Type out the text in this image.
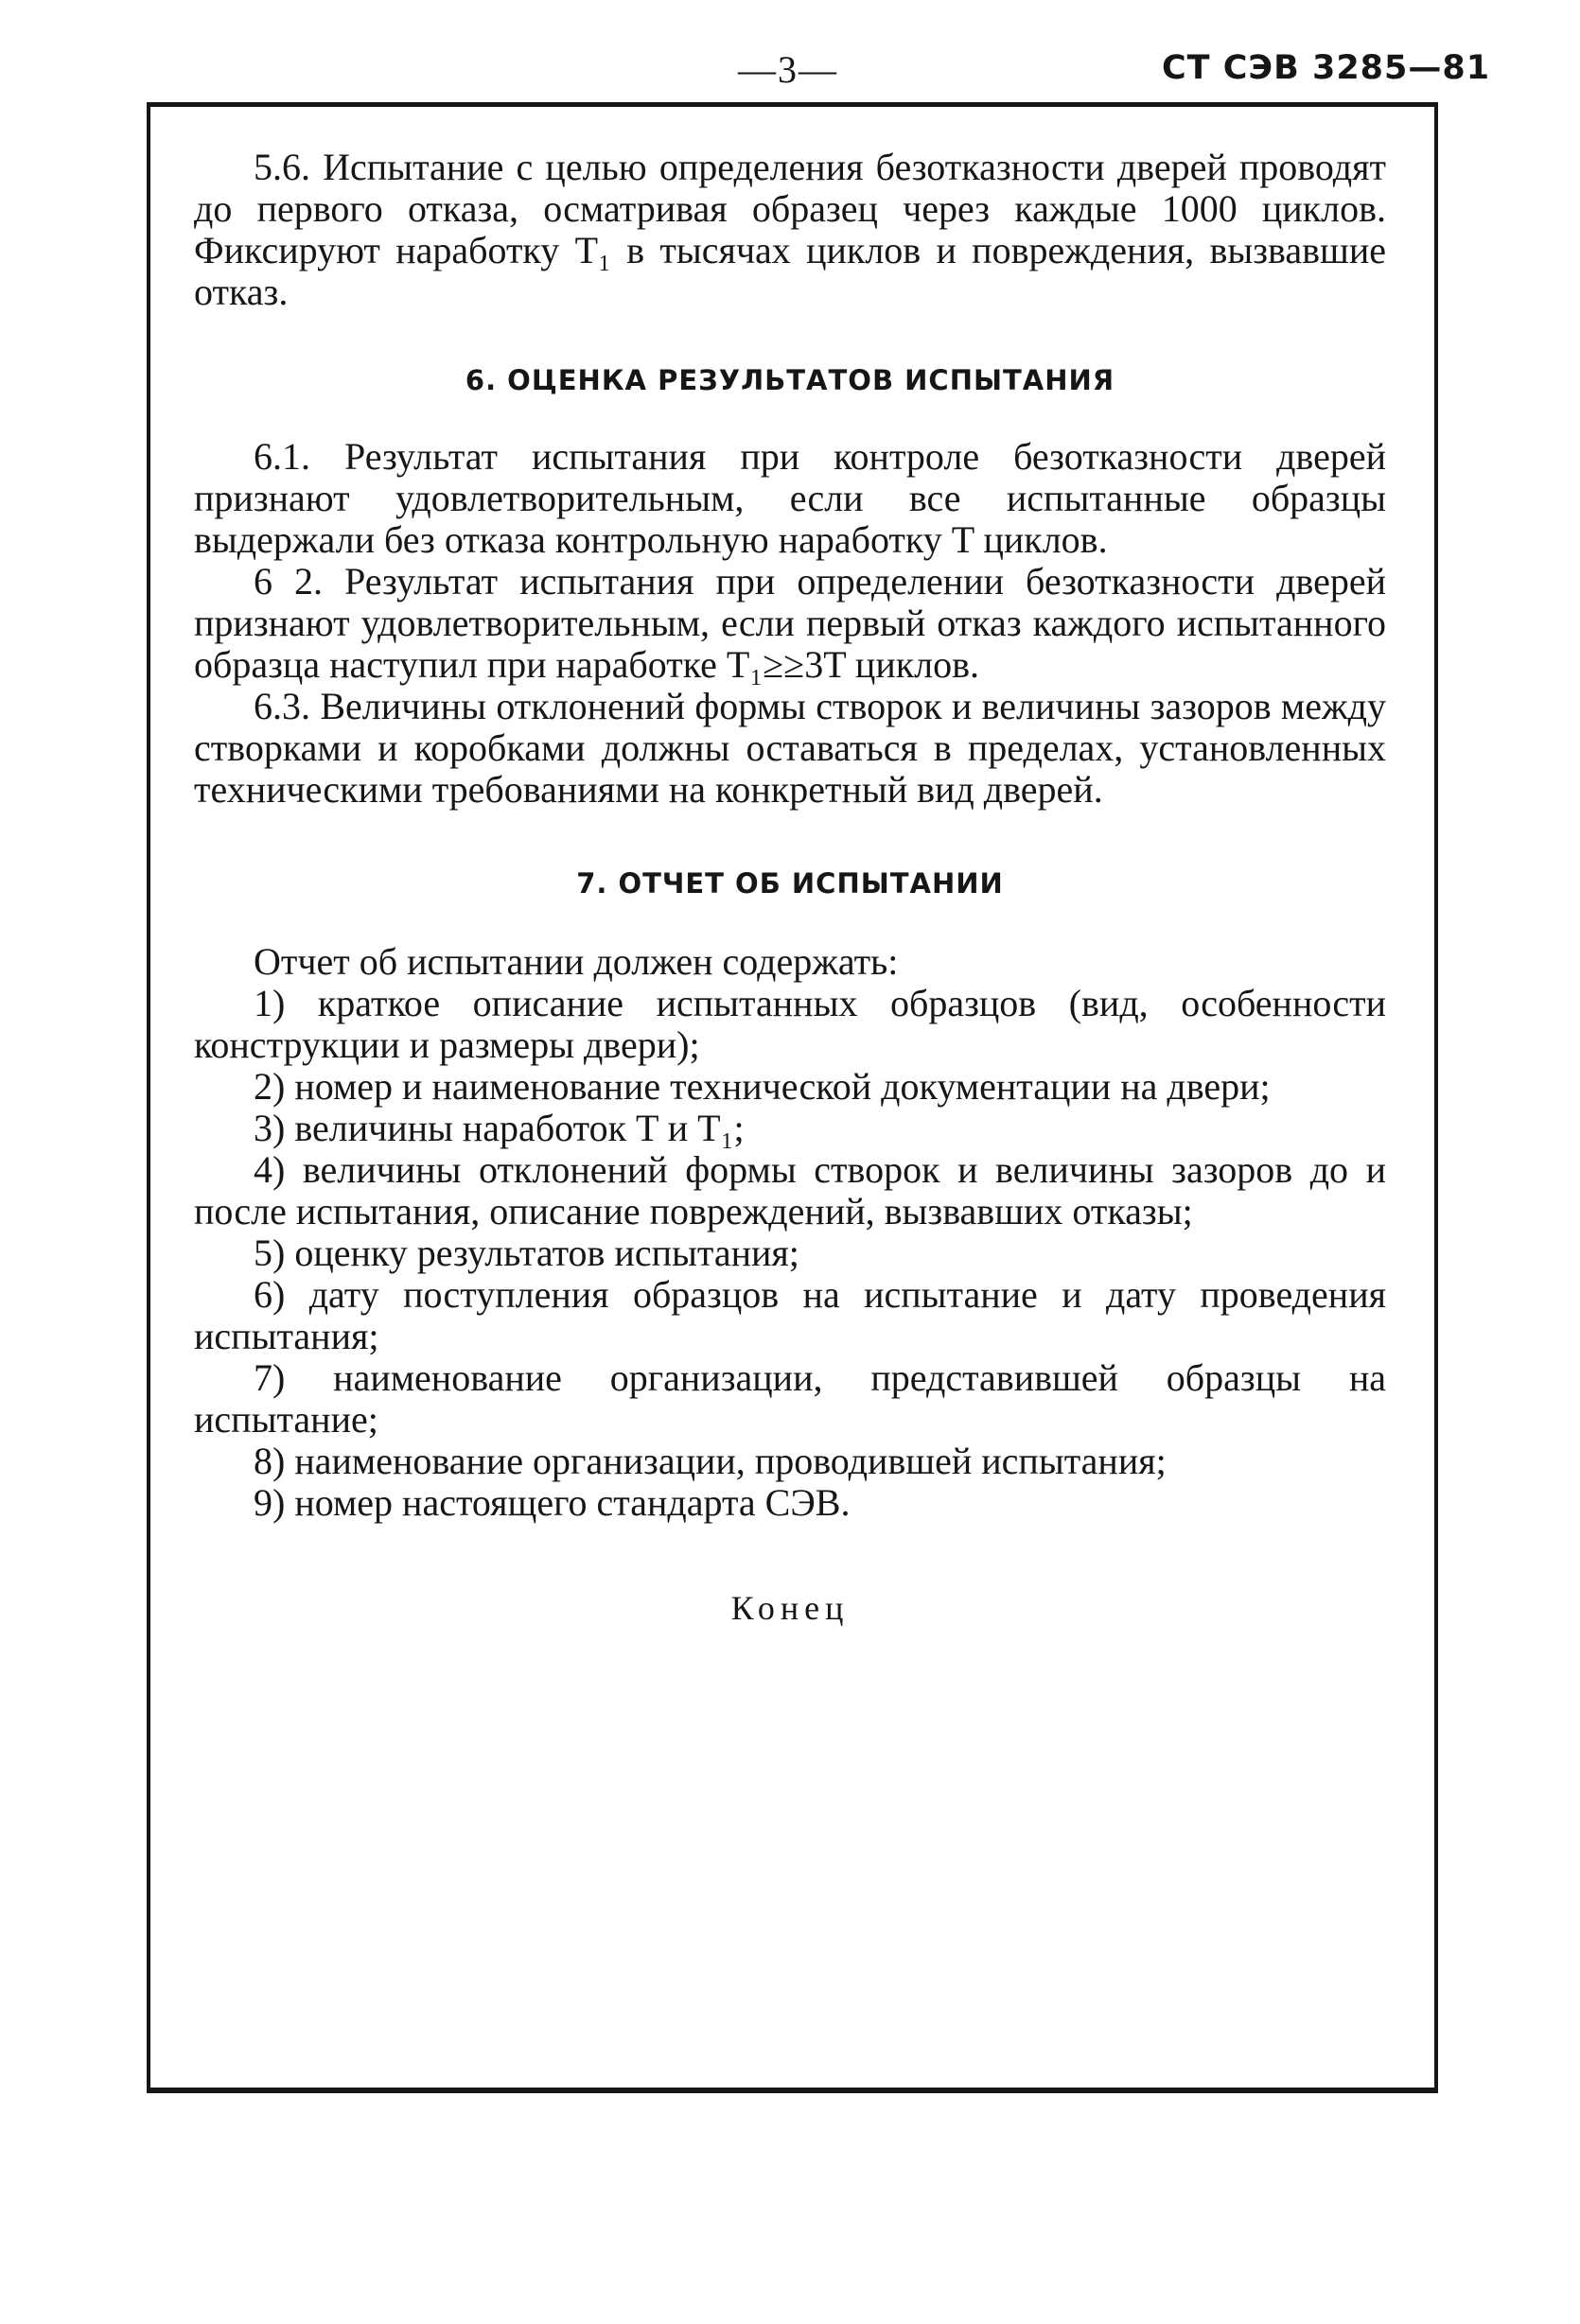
—3—	СТ СЭВ 3285—81

5.6. Испытание с целью определения безотказности дверей проводят до первого отказа, осматривая образец через каждые 1000 циклов. Фиксируют наработку T₁ в тысячах циклов и повреждения, вызвавшие отказ.

6. ОЦЕНКА РЕЗУЛЬТАТОВ ИСПЫТАНИЯ

6.1. Результат испытания при контроле безотказности дверей признают удовлетворительным, если все испытанные образцы выдержали без отказа контрольную наработку T циклов.

6 2. Результат испытания при определении безотказности дверей признают удовлетворительным, если первый отказ каждого испытанного образца наступил при наработке T₁≥≥3T циклов.

6.3. Величины отклонений формы створок и величины зазоров между створками и коробками должны оставаться в пределах, установленных техническими требованиями на конкретный вид дверей.

7. ОТЧЕТ ОБ ИСПЫТАНИИ

Отчет об испытании должен содержать:

1) краткое описание испытанных образцов (вид, особенности конструкции и размеры двери);

2) номер и наименование технической документации на двери;

3) величины наработок T и T₁;

4) величины отклонений формы створок и величины зазоров до и после испытания, описание повреждений, вызвавших отказы;

5) оценку результатов испытания;

6) дату поступления образцов на испытание и дату проведения испытания;

7) наименование организации, представившей образцы на испытание;

8) наименование организации, проводившей испытания;

9) номер настоящего стандарта СЭВ.

Конец
